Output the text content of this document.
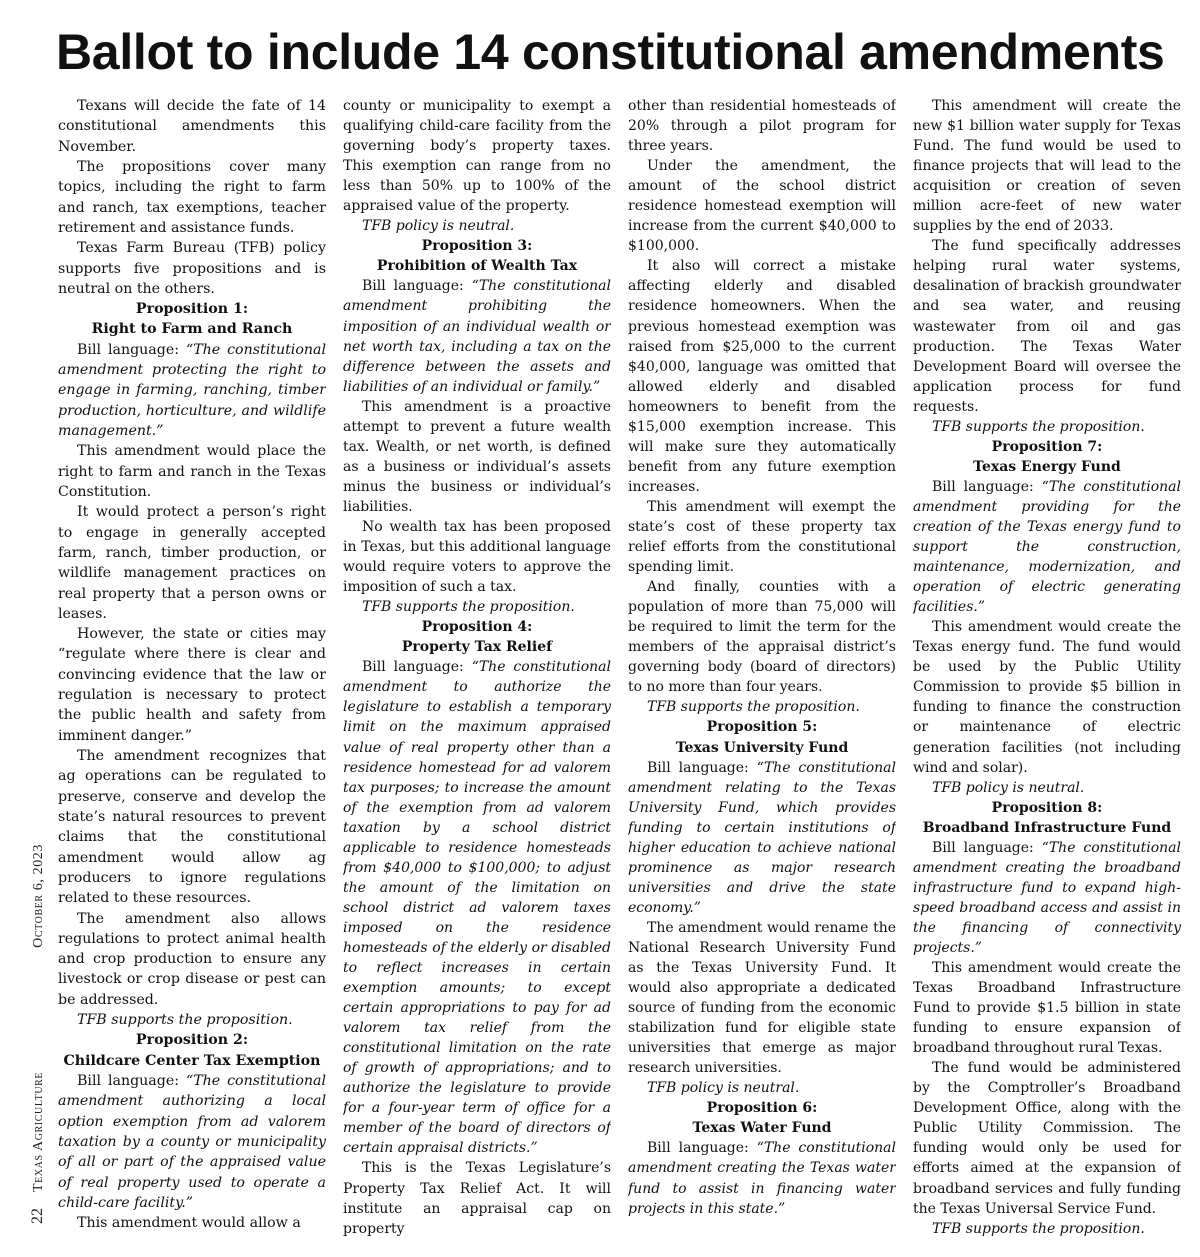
Ballot to include 14 constitutional amendments
22Texas AgricultureOctober 6, 2023

Texans will decide the fate of 14 constitutional amendments this November.

The propositions cover many topics, including the right to farm and ranch, tax exemptions, teacher retirement and assistance funds.

Texas Farm Bureau (TFB) policy supports five propositions and is neutral on the others.

Proposition 1:
Right to Farm and Ranch

Bill language: “The constitutional amendment protecting the right to engage in farming, ranching, timber production, horticulture, and wildlife management.”

This amendment would place the right to farm and ranch in the Texas Constitution.

It would protect a person’s right to engage in generally accepted farm, ranch, timber production, or wildlife management practices on real property that a person owns or leases.

However, the state or cities may “regulate where there is clear and convincing evidence that the law or regulation is necessary to protect the public health and safety from imminent danger.”

The amendment recognizes that ag operations can be regulated to preserve, conserve and develop the state’s natural resources to prevent claims that the constitutional amendment would allow ag producers to ignore regulations related to these resources.

The amendment also allows regulations to protect animal health and crop production to ensure any livestock or crop disease or pest can be addressed.

TFB supports the proposition.

Proposition 2:
Childcare Center Tax Exemption

Bill language: “The constitutional amendment authorizing a local option exemption from ad valorem taxation by a county or municipality of all or part of the appraised value of real property used to operate a child-care facility.”

This amendment would allow a

county or municipality to exempt a qualifying child-care facility from the governing body’s property taxes. This exemption can range from no less than 50% up to 100% of the appraised value of the property.

TFB policy is neutral.

Proposition 3:
Prohibition of Wealth Tax

Bill language: “The constitutional amendment prohibiting the imposition of an individual wealth or net worth tax, including a tax on the difference between the assets and liabilities of an individual or family.”

This amendment is a proactive attempt to prevent a future wealth tax. Wealth, or net worth, is defined as a business or individual’s assets minus the business or individual’s liabilities.

No wealth tax has been proposed in Texas, but this additional language would require voters to approve the imposition of such a tax.

TFB supports the proposition.

Proposition 4:
Property Tax Relief

Bill language: “The constitutional amendment to authorize the legislature to establish a temporary limit on the maximum appraised value of real property other than a residence homestead for ad valorem tax purposes; to increase the amount of the exemption from ad valorem taxation by a school district applicable to residence homesteads from $40,000 to $100,000; to adjust the amount of the limitation on school district ad valorem taxes imposed on the residence homesteads of the elderly or disabled to reflect increases in certain exemption amounts; to except certain appropriations to pay for ad valorem tax relief from the constitutional limitation on the rate of growth of appropriations; and to authorize the legislature to provide for a four-year term of office for a member of the board of directors of certain appraisal districts.”

This is the Texas Legislature’s Property Tax Relief Act. It will institute an appraisal cap on property

other than residential homesteads of 20% through a pilot program for three years.

Under the amendment, the amount of the school district residence homestead exemption will increase from the current $40,000 to $100,000.

It also will correct a mistake affecting elderly and disabled residence homeowners. When the previous homestead exemption was raised from $25,000 to the current $40,000, language was omitted that allowed elderly and disabled homeowners to benefit from the $15,000 exemption increase. This will make sure they automatically benefit from any future exemption increases.

This amendment will exempt the state’s cost of these property tax relief efforts from the constitutional spending limit.

And finally, counties with a population of more than 75,000 will be required to limit the term for the members of the appraisal district’s governing body (board of directors) to no more than four years.

TFB supports the proposition.

Proposition 5:
Texas University Fund

Bill language: “The constitutional amendment relating to the Texas University Fund, which provides funding to certain institutions of higher education to achieve national prominence as major research universities and drive the state economy.”

The amendment would rename the National Research University Fund as the Texas University Fund. It would also appropriate a dedicated source of funding from the economic stabilization fund for eligible state universities that emerge as major research universities.

TFB policy is neutral.

Proposition 6:
Texas Water Fund

Bill language: “The constitutional amendment creating the Texas water fund to assist in financing water projects in this state.”

This amendment will create the new $1 billion water supply for Texas Fund. The fund would be used to finance projects that will lead to the acquisition or creation of seven million acre-feet of new water supplies by the end of 2033.

The fund specifically addresses helping rural water systems, desalination of brackish groundwater and sea water, and reusing wastewater from oil and gas production. The Texas Water Development Board will oversee the application process for fund requests.

TFB supports the proposition.

Proposition 7:
Texas Energy Fund

Bill language: “The constitutional amendment providing for the creation of the Texas energy fund to support the construction, maintenance, modernization, and operation of electric generating facilities.”

This amendment would create the Texas energy fund. The fund would be used by the Public Utility Commission to provide $5 billion in funding to finance the construction or maintenance of electric generation facilities (not including wind and solar).

TFB policy is neutral.

Proposition 8:
Broadband Infrastructure Fund

Bill language: “The constitutional amendment creating the broadband infrastructure fund to expand high-speed broadband access and assist in the financing of connectivity projects.”

This amendment would create the Texas Broadband Infrastructure Fund to provide $1.5 billion in state funding to ensure expansion of broadband throughout rural Texas.

The fund would be administered by the Comptroller’s Broadband Development Office, along with the Public Utility Commission. The funding would only be used for efforts aimed at the expansion of broadband services and fully funding the Texas Universal Service Fund.

TFB supports the proposition.
